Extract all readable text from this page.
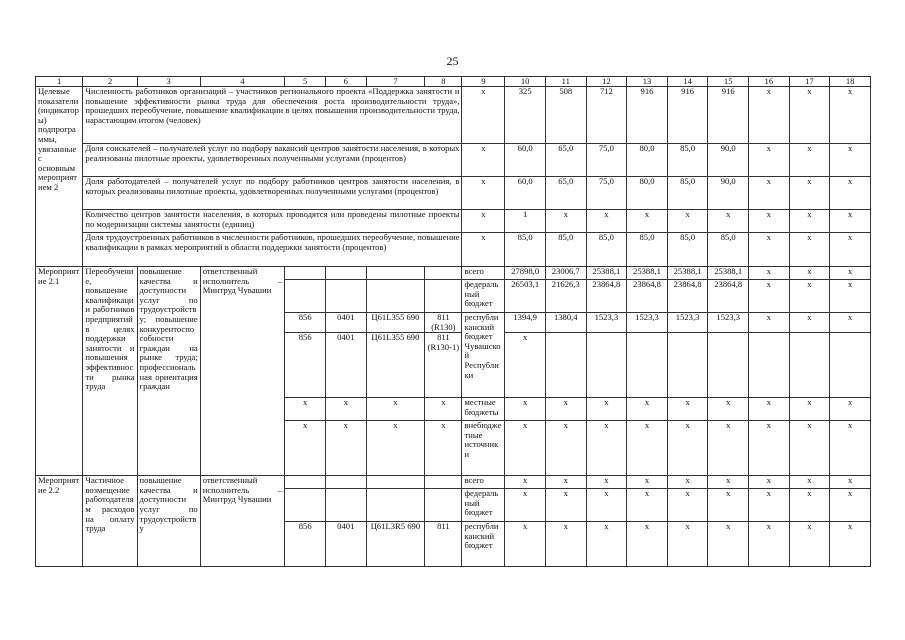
25
1	2	3	4	5	6	7	8	9	10	11	12	13	14	15	16	17	18
Целевые показатели (индикаторы) подпрограммы, увязанные с основным мероприятием 2	Численность работников организаций – участников регионального проекта «Поддержка занятости и повышение эффективности рынка труда для обеспечения роста производительности труда», прошедших переобучение, повышение квалификации в целях повышения производительности труда, нарастающим итогом (человек)							x	325	508	712	916	916	916	x	x	x
	Доля соискателей – получателей услуг по подбору вакансий центров занятости населения, в которых реализованы пилотные проекты, удовлетворенных полученными услугами (процентов)							x	60,0	65,0	75,0	80,0	85,0	90,0	x	x	x
	Доля работодателей – получателей услуг по подбору работников центров занятости населения, в которых реализованы пилотные проекты, удовлетворенных полученными услугами (процентов)							x	60,0	65,0	75,0	80,0	85,0	90,0	x	x	x
	Количество центров занятости населения, в которых проводятся или проведены пилотные проекты по модернизации системы занятости (единиц)							x	1	x	x	x	x	x	x	x	x
	Доля трудоустроенных работников в численности работников, прошедших переобучение, повышение квалификации в рамках мероприятий в области поддержки занятости (процентов)							x	85,0	85,0	85,0	85,0	85,0	85,0	x	x	x
Мероприятие 2.1	Переобучение, повышение квалификации работников предприятий в целях поддержки занятости и повышения эффективности рынка труда	повышение качества и доступности услуг по трудоустройству; повышение конкурентоспособности граждан на рынке труда; профессиональная ориентация граждан	ответственный исполнитель – Минтруд Чувашии					всего	27898,0	23006,7	25388,1	25388,1	25388,1	25388,1	x	x	x
								федеральный бюджет	26503,1	21626,3	23864,8	23864,8	23864,8	23864,8	x	x	x
				856	0401	Ц61L355 690	811 (R130)	республиканский бюджет Чувашской Республики	1394,9	1380,4	1523,3	1523,3	1523,3	1523,3	x	x	x
				856	0401	Ц61L355 690	811 (R130-1)		x								
				x	x	x	x	местные бюджеты	x	x	x	x	x	x	x	x	x
				x	x	x	x	внебюджетные источники	x	x	x	x	x	x	x	x	x
Мероприятие 2.2	Частичное возмещение работодателям расходов на оплату труда	повышение качества и доступности услуг по трудоустройству	ответственный исполнитель – Минтруд Чувашии					всего	x	x	x	x	x	x	x	x	x
								федеральный бюджет	x	x	x	x	x	x	x	x	x
				856	0401	Ц61L3R5 690	811	республиканский бюджет	x	x	x	x	x	x	x	x	x
